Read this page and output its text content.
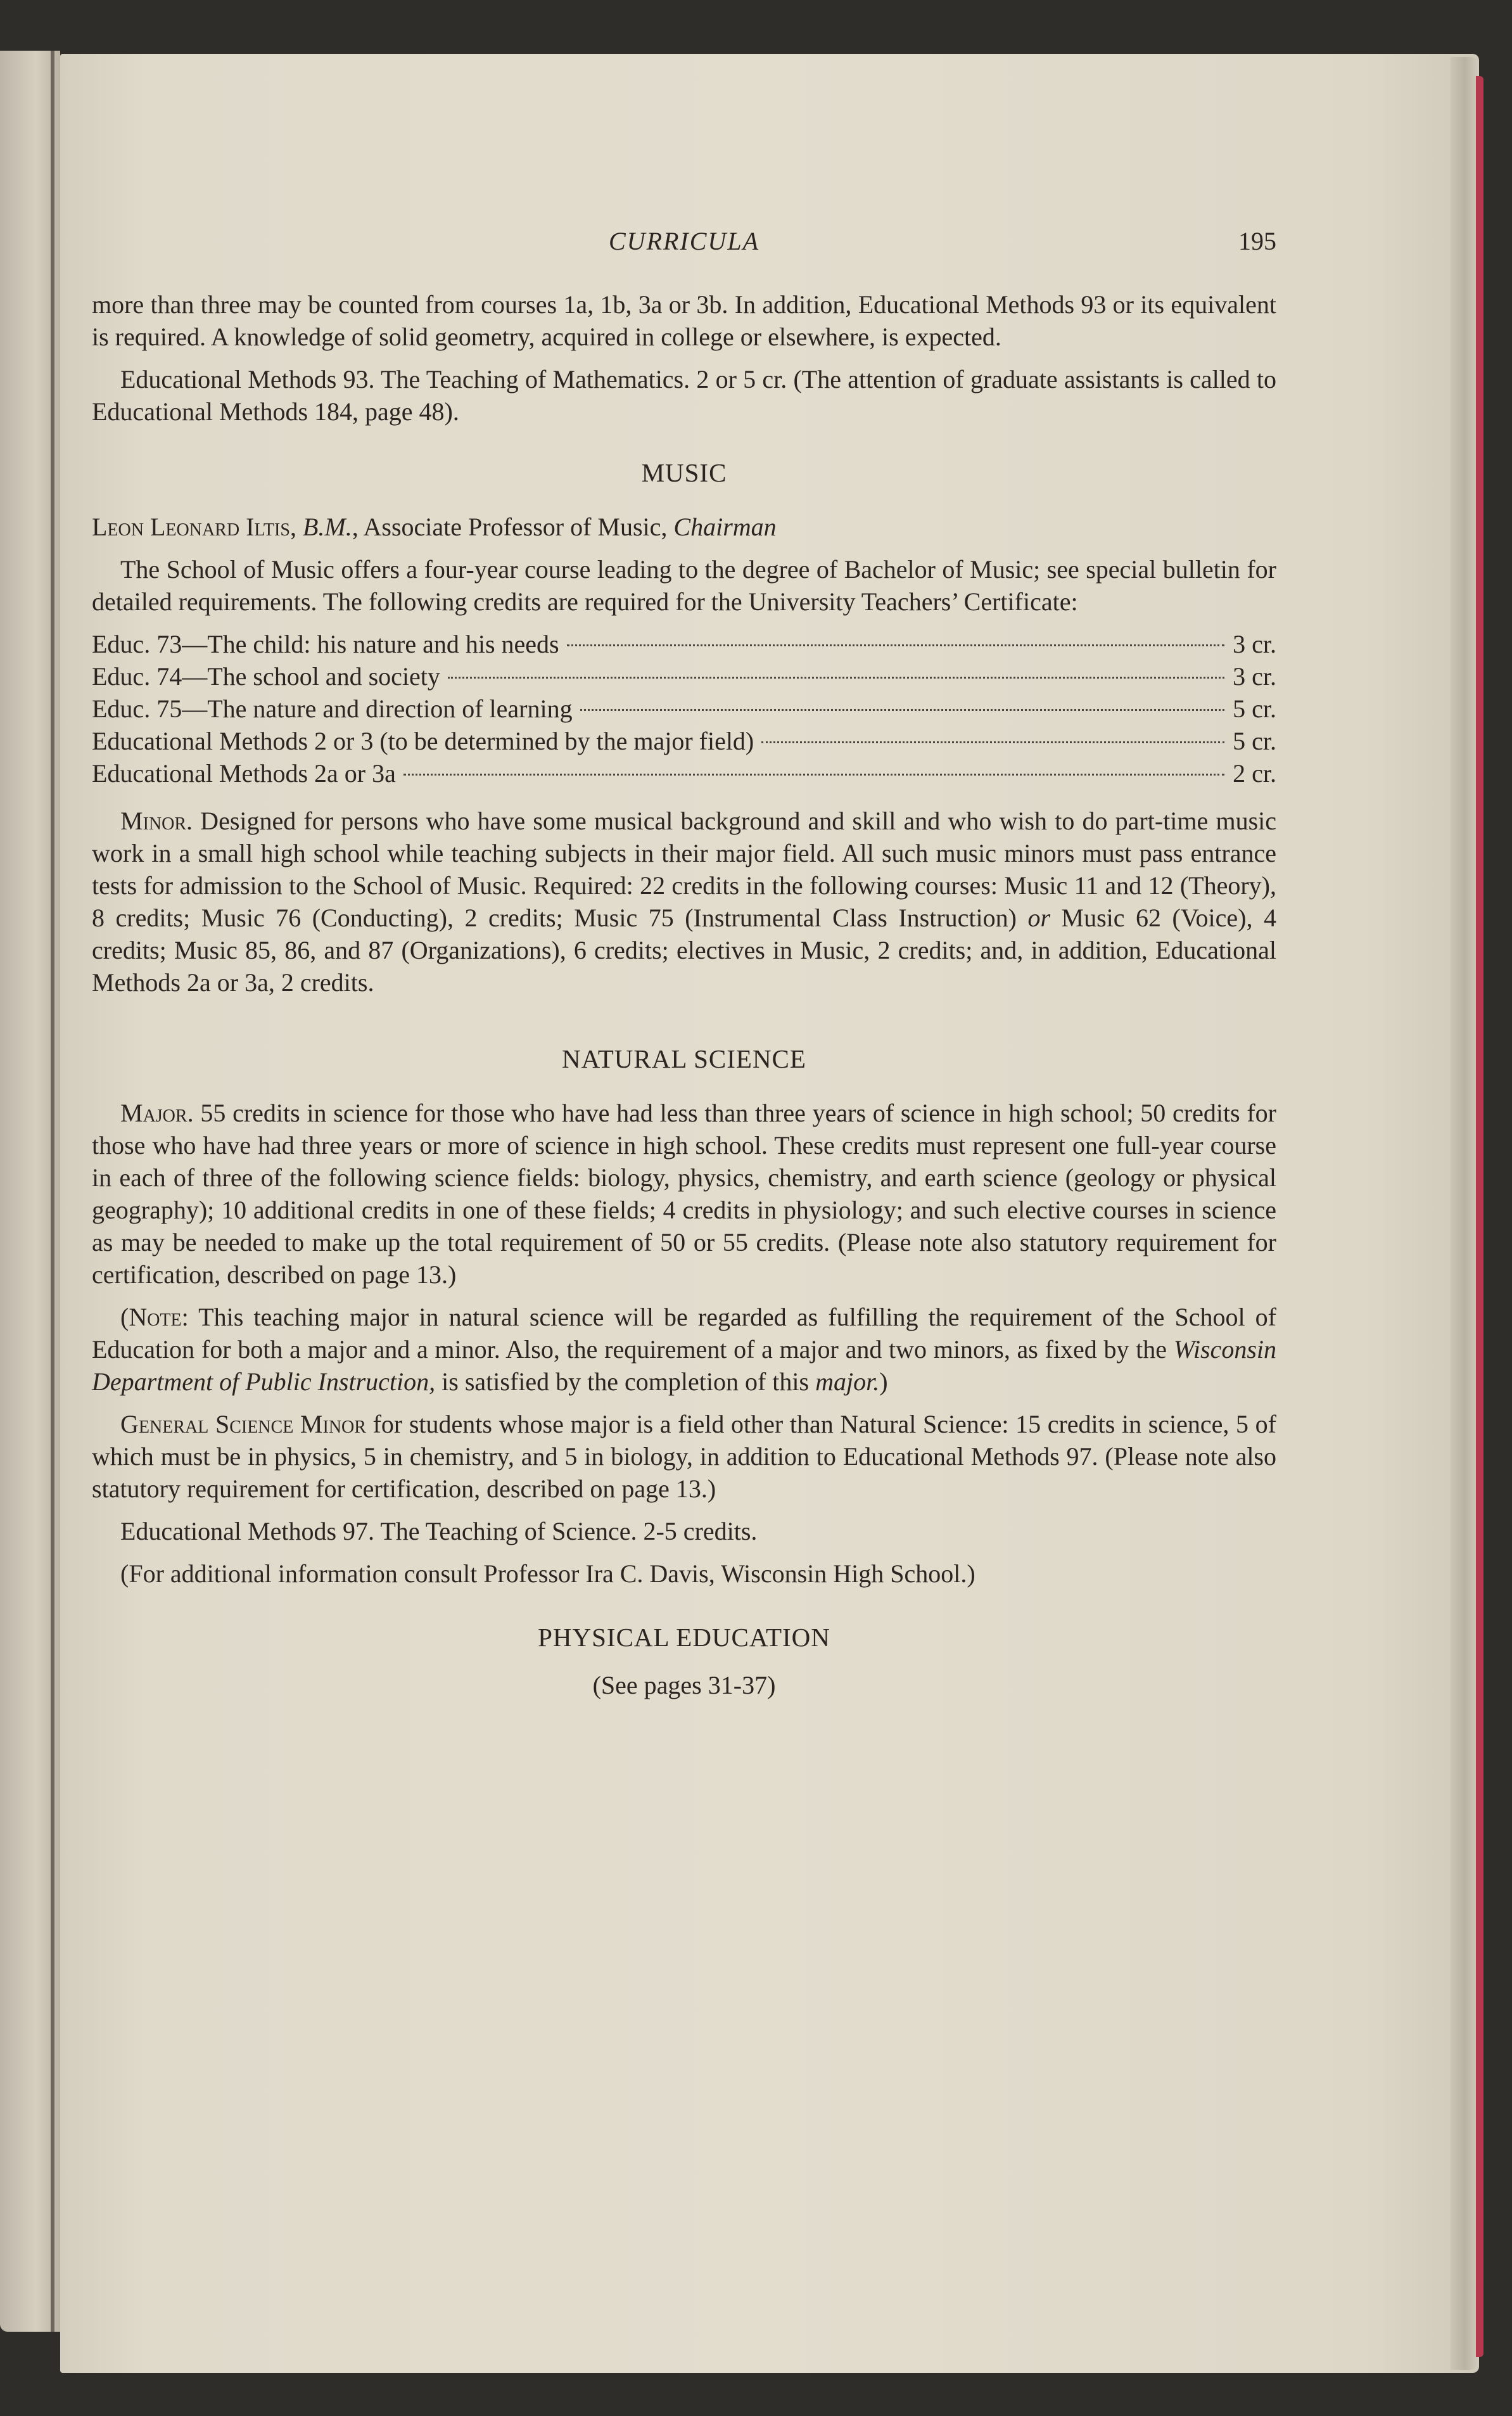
CURRICULA	195

more than three may be counted from courses 1a, 1b, 3a or 3b. In addition, Educational Methods 93 or its equivalent is required. A knowledge of solid geometry, acquired in college or elsewhere, is expected.

Educational Methods 93. The Teaching of Mathematics. 2 or 5 cr. (The attention of graduate assistants is called to Educational Methods 184, page 48).

MUSIC

Leon Leonard Iltis, B.M., Associate Professor of Music, Chairman

The School of Music offers a four-year course leading to the degree of Bachelor of Music; see special bulletin for detailed requirements. The following credits are required for the University Teachers’ Certificate:

Educ. 73—The child: his nature and his needs	3 cr.
Educ. 74—The school and society	3 cr.
Educ. 75—The nature and direction of learning	5 cr.
Educational Methods 2 or 3 (to be determined by the major field)	5 cr.
Educational Methods 2a or 3a	2 cr.

Minor. Designed for persons who have some musical background and skill and who wish to do part-time music work in a small high school while teaching subjects in their major field. All such music minors must pass entrance tests for admission to the School of Music. Required: 22 credits in the following courses: Music 11 and 12 (Theory), 8 credits; Music 76 (Conducting), 2 credits; Music 75 (Instrumental Class Instruction) or Music 62 (Voice), 4 credits; Music 85, 86, and 87 (Organizations), 6 credits; electives in Music, 2 credits; and, in addition, Educational Methods 2a or 3a, 2 credits.

NATURAL SCIENCE

Major. 55 credits in science for those who have had less than three years of science in high school; 50 credits for those who have had three years or more of science in high school. These credits must represent one full-year course in each of three of the following science fields: biology, physics, chemistry, and earth science (geology or physical geography); 10 additional credits in one of these fields; 4 credits in physiology; and such elective courses in science as may be needed to make up the total requirement of 50 or 55 credits. (Please note also statutory requirement for certification, described on page 13.)

(Note: This teaching major in natural science will be regarded as fulfilling the requirement of the School of Education for both a major and a minor. Also, the requirement of a major and two minors, as fixed by the Wisconsin Department of Public Instruction, is satisfied by the completion of this major.)

General Science Minor for students whose major is a field other than Natural Science: 15 credits in science, 5 of which must be in physics, 5 in chemistry, and 5 in biology, in addition to Educational Methods 97. (Please note also statutory requirement for certification, described on page 13.)

Educational Methods 97. The Teaching of Science. 2-5 credits.

(For additional information consult Professor Ira C. Davis, Wisconsin High School.)

PHYSICAL EDUCATION
(See pages 31-37)
